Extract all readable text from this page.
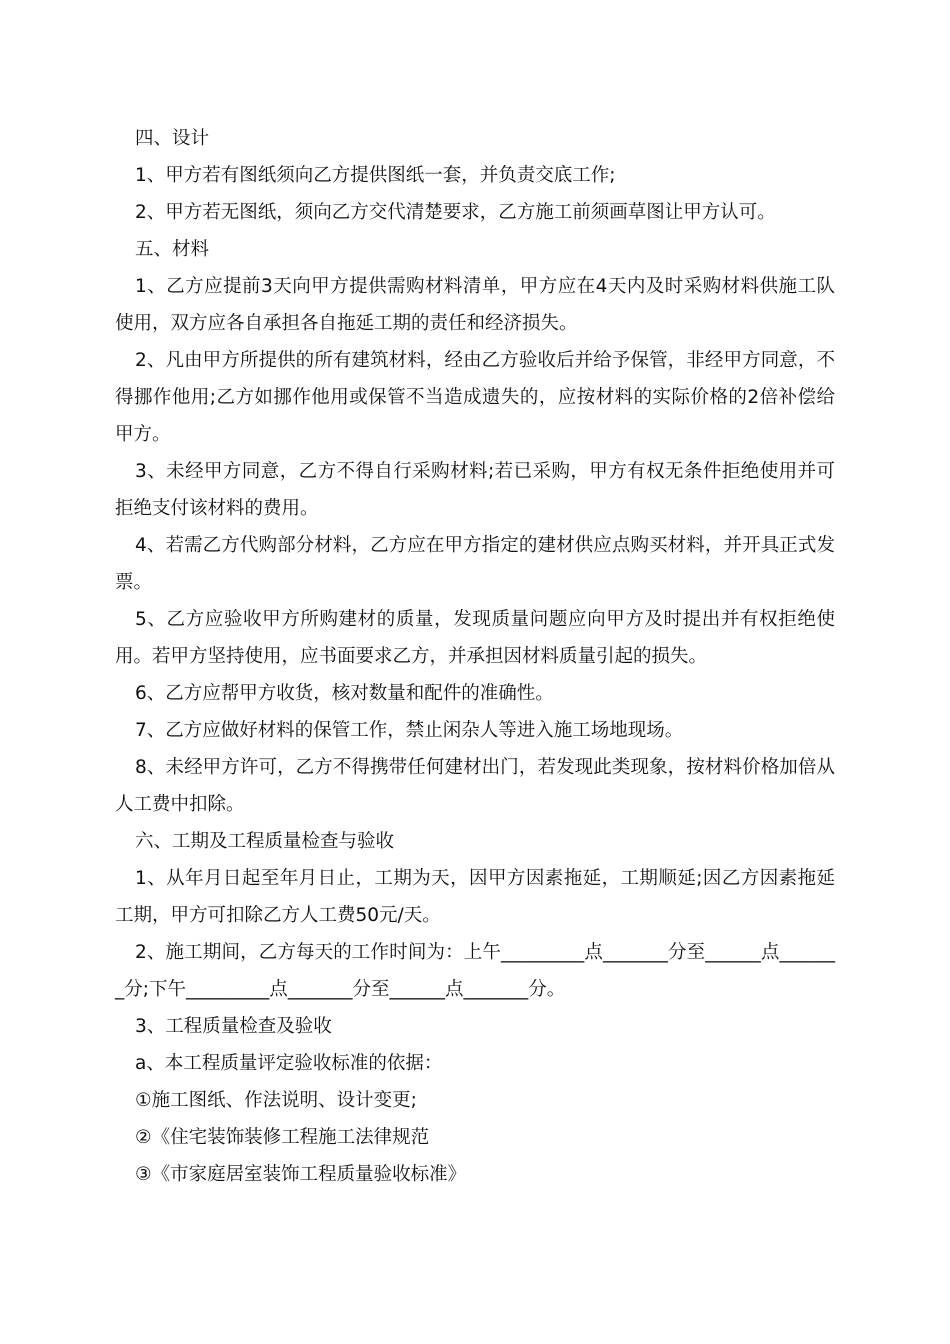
四、设计

1、甲方若有图纸须向乙方提供图纸一套，并负责交底工作;

2、甲方若无图纸，须向乙方交代清楚要求，乙方施工前须画草图让甲方认可。

五、材料

1、乙方应提前3天向甲方提供需购材料清单，甲方应在4天内及时采购材料供施工队使用，双方应各自承担各自拖延工期的责任和经济损失。

2、凡由甲方所提供的所有建筑材料，经由乙方验收后并给予保管，非经甲方同意，不得挪作他用;乙方如挪作他用或保管不当造成遗失的，应按材料的实际价格的2倍补偿给甲方。

3、未经甲方同意，乙方不得自行采购材料;若已采购，甲方有权无条件拒绝使用并可拒绝支付该材料的费用。

4、若需乙方代购部分材料，乙方应在甲方指定的建材供应点购买材料，并开具正式发票。

5、乙方应验收甲方所购建材的质量，发现质量问题应向甲方及时提出并有权拒绝使用。若甲方坚持使用，应书面要求乙方，并承担因材料质量引起的损失。

6、乙方应帮甲方收货，核对数量和配件的准确性。

7、乙方应做好材料的保管工作，禁止闲杂人等进入施工场地现场。

8、未经甲方许可，乙方不得携带任何建材出门，若发现此类现象，按材料价格加倍从人工费中扣除。

六、工期及工程质量检查与验收

1、从年月日起至年月日止，工期为天，因甲方因素拖延，工期顺延;因乙方因素拖延工期，甲方可扣除乙方人工费50元/天。

2、施工期间，乙方每天的工作时间为：上午_________点_______分至______点_______分;下午_________点_______分至______点_______分。

3、工程质量检查及验收

a、本工程质量评定验收标准的依据：

①施工图纸、作法说明、设计变更;

②《住宅装饰装修工程施工法律规范

③《市家庭居室装饰工程质量验收标准》
